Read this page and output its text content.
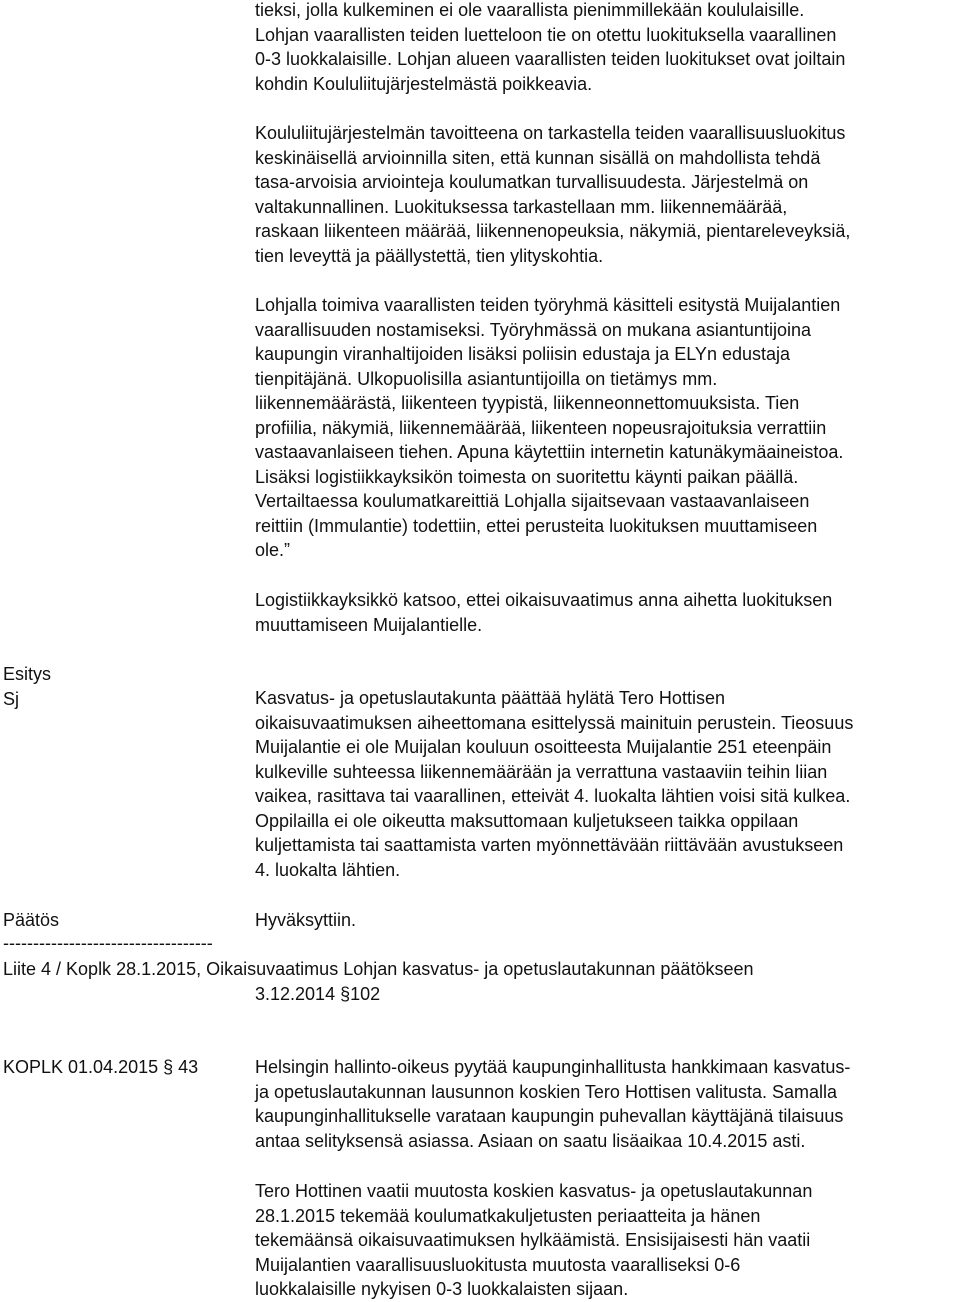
tieksi, jolla kulkeminen ei ole vaarallista pienimmillekään koululaisille.
Lohjan vaarallisten teiden luetteloon tie on otettu luokituksella vaarallinen
0-3 luokkalaisille. Lohjan alueen vaarallisten teiden luokitukset ovat joiltain
kohdin Koululiitujärjestelmästä poikkeavia.

Koululiitujärjestelmän tavoitteena on tarkastella teiden vaarallisuusluokitus
keskinäisellä arvioinnilla siten, että kunnan sisällä on mahdollista tehdä
tasa-arvoisia arviointeja koulumatkan turvallisuudesta. Järjestelmä on
valtakunnallinen. Luokituksessa tarkastellaan mm. liikennemäärää,
raskaan liikenteen määrää, liikennenopeuksia, näkymiä, pientareleveyksiä,
tien leveyttä ja päällystettä, tien ylityskohtia.

Lohjalla toimiva vaarallisten teiden työryhmä käsitteli esitystä Muijalantien
vaarallisuuden nostamiseksi. Työryhmässä on mukana asiantuntijoina
kaupungin viranhaltijoiden lisäksi poliisin edustaja ja ELYn edustaja
tienpitäjänä. Ulkopuolisilla asiantuntijoilla on tietämys mm.
liikennemäärästä, liikenteen tyypistä, liikenneonnettomuuksista. Tien
profiilia, näkymiä, liikennemäärää, liikenteen nopeusrajoituksia verrattiin
vastaavanlaiseen tiehen. Apuna käytettiin internetin katunäkymäaineistoa.
Lisäksi logistiikkayksikön toimesta on suoritettu käynti paikan päällä.
Vertailtaessa koulumatkareittiä Lohjalla sijaitsevaan vastaavanlaiseen
reittiin (Immulantie) todettiin, ettei perusteita luokituksen muuttamiseen
ole.”

Logistiikkayksikkö katsoo, ettei oikaisuvaatimus anna aihetta luokituksen
muuttamiseen Muijalantielle.

Esitys
Sj	Kasvatus- ja opetuslautakunta päättää hylätä Tero Hottisen
oikaisuvaatimuksen aiheettomana esittelyssä mainituin perustein. Tieosuus
Muijalantie ei ole Muijalan kouluun osoitteesta Muijalantie 251 eteenpäin
kulkeville suhteessa liikennemäärään ja verrattuna vastaaviin teihin liian
vaikea, rasittava tai vaarallinen, etteivät 4. luokalta lähtien voisi sitä kulkea.
Oppilailla ei ole oikeutta maksuttomaan kuljetukseen taikka oppilaan
kuljettamista tai saattamista varten myönnettävään riittävään avustukseen
4. luokalta lähtien.

Päätös	Hyväksyttiin.
-----------------------------------
Liite 4 / Koplk 28.1.2015, Oikaisuvaatimus Lohjan kasvatus- ja opetuslautakunnan päätökseen
3.12.2014 §102
KOPLK 01.04.2015 § 43	Helsingin hallinto-oikeus pyytää kaupunginhallitusta hankkimaan kasvatus-
ja opetuslautakunnan lausunnon koskien Tero Hottisen valitusta. Samalla
kaupunginhallitukselle varataan kaupungin puhevallan käyttäjänä tilaisuus
antaa selityksensä asiassa. Asiaan on saatu lisäaikaa 10.4.2015 asti.

Tero Hottinen vaatii muutosta koskien kasvatus- ja opetuslautakunnan
28.1.2015 tekemää koulumatkakuljetusten periaatteita ja hänen
tekemäänsä oikaisuvaatimuksen hylkäämistä. Ensisijaisesti hän vaatii
Muijalantien vaarallisuusluokitusta muutosta vaaralliseksi 0-6
luokkalaisille nykyisen 0-3 luokkalaisten sijaan.
